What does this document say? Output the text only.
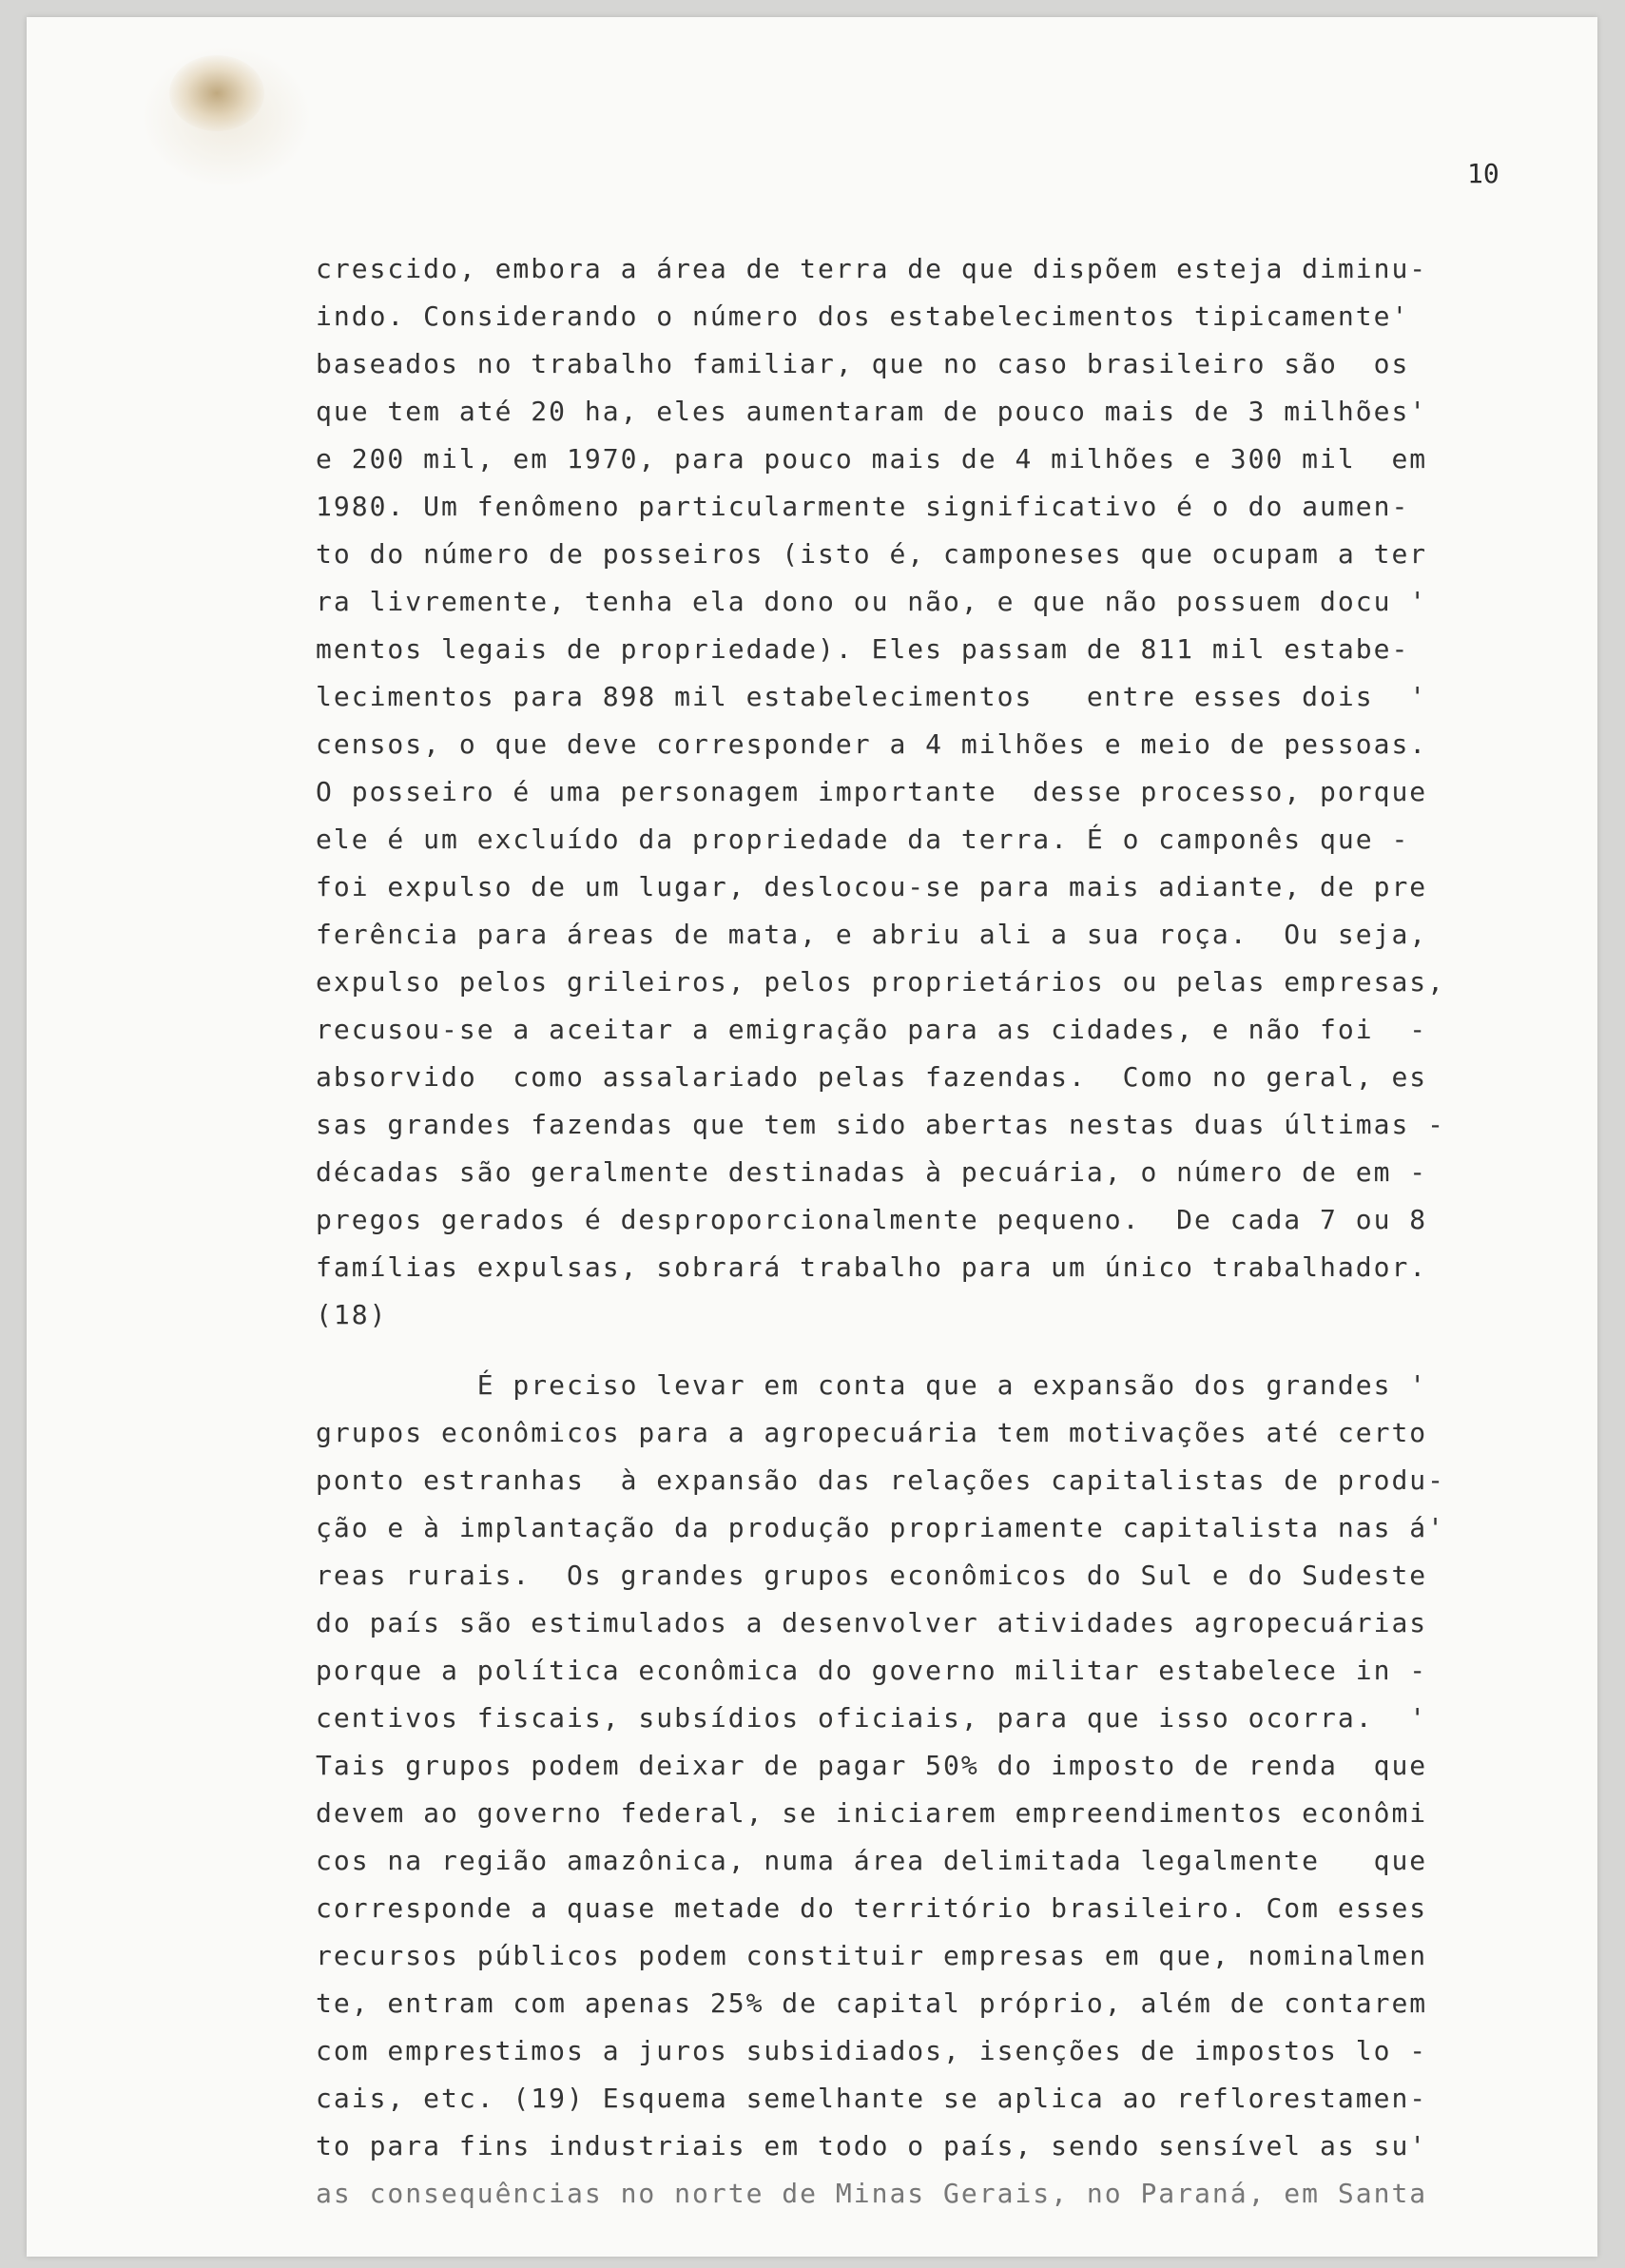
10
crescido, embora a área de terra de que dispõem esteja diminu-
indo. Considerando o número dos estabelecimentos tipicamente'
baseados no trabalho familiar, que no caso brasileiro são  os
que tem até 20 ha, eles aumentaram de pouco mais de 3 milhões'
e 200 mil, em 1970, para pouco mais de 4 milhões e 300 mil  em
1980. Um fenômeno particularmente significativo é o do aumen-
to do número de posseiros (isto é, camponeses que ocupam a ter
ra livremente, tenha ela dono ou não, e que não possuem docu '
mentos legais de propriedade). Eles passam de 811 mil estabe-
lecimentos para 898 mil estabelecimentos   entre esses dois  '
censos, o que deve corresponder a 4 milhões e meio de pessoas.
O posseiro é uma personagem importante  desse processo, porque
ele é um excluído da propriedade da terra. É o camponês que -
foi expulso de um lugar, deslocou-se para mais adiante, de pre
ferência para áreas de mata, e abriu ali a sua roça.  Ou seja,
expulso pelos grileiros, pelos proprietários ou pelas empresas,
recusou-se a aceitar a emigração para as cidades, e não foi  -
absorvido  como assalariado pelas fazendas.  Como no geral, es
sas grandes fazendas que tem sido abertas nestas duas últimas -
décadas são geralmente destinadas à pecuária, o número de em -
pregos gerados é desproporcionalmente pequeno.  De cada 7 ou 8
famílias expulsas, sobrará trabalho para um único trabalhador.
(18)
É preciso levar em conta que a expansão dos grandes '
grupos econômicos para a agropecuária tem motivações até certo
ponto estranhas  à expansão das relações capitalistas de produ-
ção e à implantação da produção propriamente capitalista nas á'
reas rurais.  Os grandes grupos econômicos do Sul e do Sudeste
do país são estimulados a desenvolver atividades agropecuárias
porque a política econômica do governo militar estabelece in -
centivos fiscais, subsídios oficiais, para que isso ocorra.  '
Tais grupos podem deixar de pagar 50% do imposto de renda  que
devem ao governo federal, se iniciarem empreendimentos econômi
cos na região amazônica, numa área delimitada legalmente   que
corresponde a quase metade do território brasileiro. Com esses
recursos públicos podem constituir empresas em que, nominalmen
te, entram com apenas 25% de capital próprio, além de contarem
com emprestimos a juros subsidiados, isenções de impostos lo -
cais, etc. (19) Esquema semelhante se aplica ao reflorestamen-
to para fins industriais em todo o país, sendo sensível as su'
as consequências no norte de Minas Gerais, no Paraná, em Santa
